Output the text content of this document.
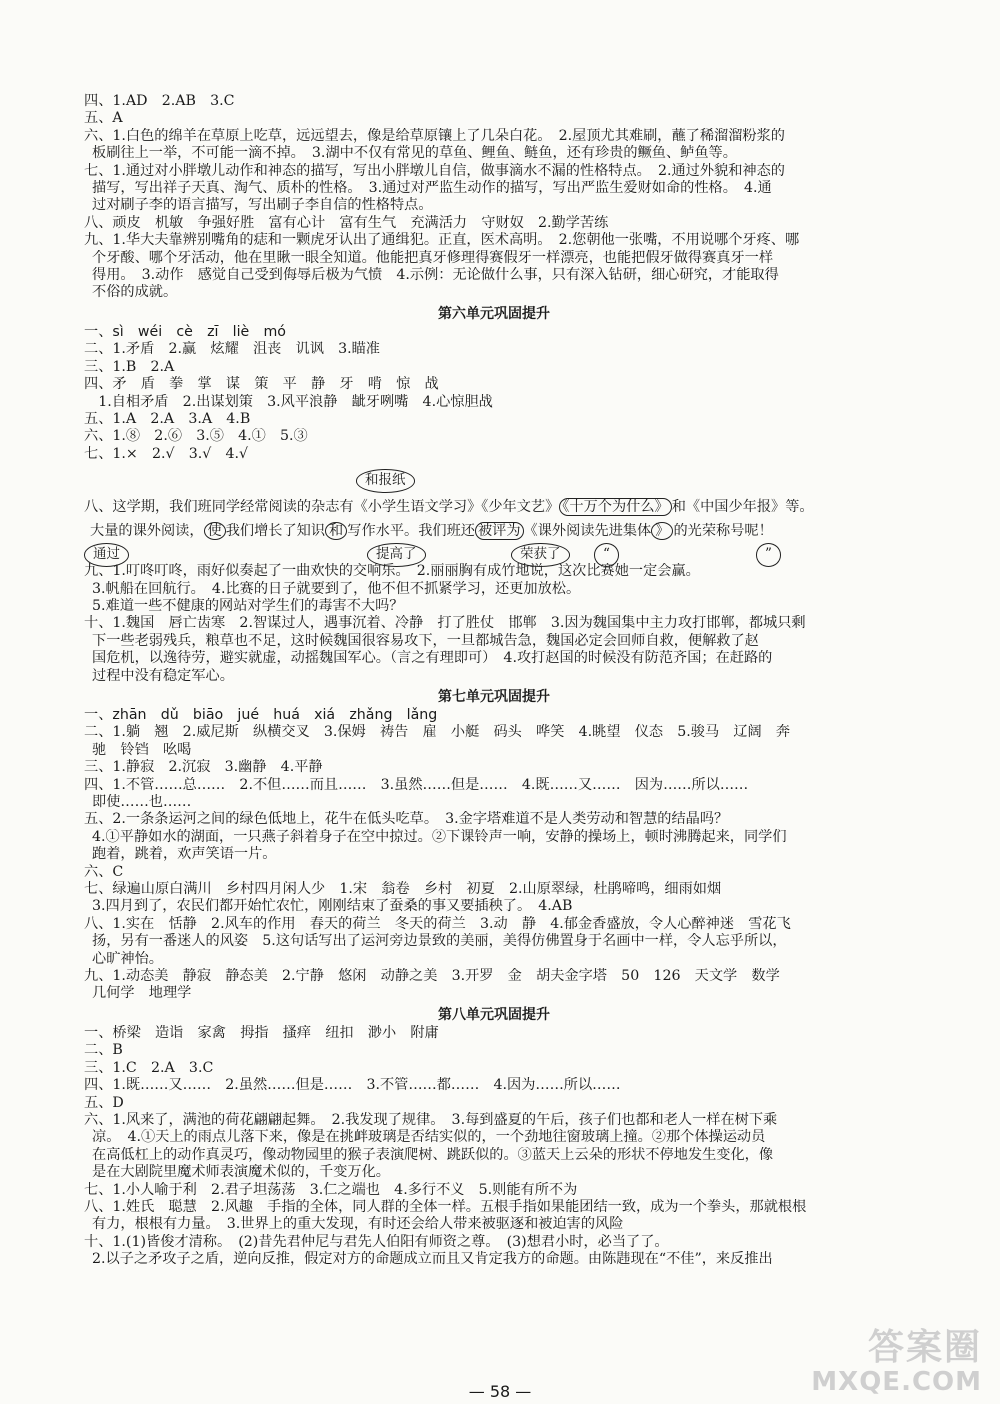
四、1.AD　2.AB　3.C
五、A
六、1.白色的绵羊在草原上吃草，远远望去，像是给草原镶上了几朵白花。　2.屋顶尤其难刷，蘸了稀溜溜粉浆的
板刷往上一举，不可能一滴不掉。　3.湖中不仅有常见的草鱼、鲤鱼、鲢鱼，还有珍贵的鳜鱼、鲈鱼等。
七、1.通过对小胖墩儿动作和神态的描写，写出小胖墩儿自信，做事滴水不漏的性格特点。　2.通过外貌和神态的
描写，写出祥子天真、淘气、质朴的性格。　3.通过对严监生动作的描写，写出严监生爱财如命的性格。　4.通
过对刷子李的语言描写，写出刷子李自信的性格特点。
八、顽皮　机敏　争强好胜　富有心计　富有生气　充满活力　守财奴　2.勤学苦练
九、1.华大夫靠辨别嘴角的痣和一颗虎牙认出了通缉犯。正直，医术高明。　2.您朝他一张嘴，不用说哪个牙疼、哪
个牙酸、哪个牙活动，他在里瞅一眼全知道。他能把真牙修理得赛假牙一样漂亮，也能把假牙做得赛真牙一样
得用。　3.动作　感觉自己受到侮辱后极为气愤　4.示例：无论做什么事，只有深入钻研，细心研究，才能取得
不俗的成就。
第六单元巩固提升
一、sì　wéi　cè　zī　liè　mó
二、1.矛盾　2.赢　炫耀　沮丧　讥讽　3.瞄准
三、1.B　2.A
四、矛　盾　拳　掌　谋　策　平　静　牙　啃　惊　战
　1.自相矛盾　2.出谋划策　3.风平浪静　龇牙咧嘴　4.心惊胆战
五、1.A　2.A　3.A　4.B
六、1.⑧　2.⑥　3.⑤　4.①　5.③
七、1.×　2.√　3.√　4.√
和报纸
八、这学期，我们班同学经常阅读的杂志有《小学生语文学习》《少年文艺》 《十万个为什么》 和《中国少年报》等。
大量的课外阅读， 使 我们增长了知识 和 写作水平。我们班还 被评为 《课外阅读先进集体 》 的光荣称号呢！
通过	提高了	荣获了	“	”
九、1.叮咚叮咚，雨好似奏起了一曲欢快的交响乐。　2.丽丽胸有成竹地说，这次比赛她一定会赢。
3.帆船在回航行。　4.比赛的日子就要到了，他不但不抓紧学习，还更加放松。
5.难道一些不健康的网站对学生们的毒害不大吗？
十、1.魏国　唇亡齿寒　2.智谋过人，遇事沉着、冷静　打了胜仗　邯郸　3.因为魏国集中主力攻打邯郸，都城只剩
下一些老弱残兵，粮草也不足，这时候魏国很容易攻下，一旦都城告急，魏国必定会回师自救，便解救了赵
国危机，以逸待劳，避实就虚，动摇魏国军心。（言之有理即可）　4.攻打赵国的时候没有防范齐国；在赶路的
过程中没有稳定军心。
第七单元巩固提升
一、zhān　dǔ　biāo　jué　huá　xiá　zhǎng　lǎng
二、1.躺　翘　2.威尼斯　纵横交叉　3.保姆　祷告　雇　小艇　码头　哗笑　4.眺望　仪态　5.骏马　辽阔　奔
驰　铃铛　吆喝
三、1.静寂　2.沉寂　3.幽静　4.平静
四、1.不管……总……　2.不但……而且……　3.虽然……但是……　4.既……又……　因为……所以……
即使……也……
五、2.一条条运河之间的绿色低地上，花牛在低头吃草。　3.金字塔难道不是人类劳动和智慧的结晶吗？
4.①平静如水的湖面，一只燕子斜着身子在空中掠过。②下课铃声一响，安静的操场上，顿时沸腾起来，同学们
跑着，跳着，欢声笑语一片。
六、C
七、绿遍山原白满川　乡村四月闲人少　1.宋　翁卷　乡村　初夏　2.山原翠绿，杜鹃啼鸣，细雨如烟
3.四月到了，农民们都开始忙农忙，刚刚结束了蚕桑的事又要插秧了。　4.AB
八、1.实在　恬静　2.风车的作用　春天的荷兰　冬天的荷兰　3.动　静　4.郁金香盛放，令人心醉神迷　雪花飞
扬，另有一番迷人的风姿　5.这句话写出了运河旁边景致的美丽，美得仿佛置身于名画中一样，令人忘乎所以，
心旷神怡。
九、1.动态美　静寂　静态美　2.宁静　悠闲　动静之美　3.开罗　金　胡夫金字塔　50　126　天文学　数学
几何学　地理学
第八单元巩固提升
一、桥梁　造诣　家禽　拇指　搔痒　纽扣　渺小　附庸
二、B
三、1.C　2.A　3.C
四、1.既……又……　2.虽然……但是……　3.不管……都……　4.因为……所以……
五、D
六、1.风来了，满池的荷花翩翩起舞。　2.我发现了规律。　3.每到盛夏的午后，孩子们也都和老人一样在树下乘
凉。　4.①天上的雨点儿落下来，像是在挑衅玻璃是否结实似的，一个劲地往窗玻璃上撞。②那个体操运动员
在高低杠上的动作真灵巧，像动物园里的猴子表演爬树、跳跃似的。③蓝天上云朵的形状不停地发生变化，像
是在大剧院里魔术师表演魔术似的，千变万化。
七、1.小人喻于利　2.君子坦荡荡　3.仁之端也　4.多行不义　5.则能有所不为
八、1.姓氏　聪慧　2.风趣　手指的全体，同人群的全体一样。五根手指如果能团结一致，成为一个拳头，那就根根
有力，根根有力量。　3.世界上的重大发现，有时还会给人带来被驱逐和被迫害的风险
十、1.(1)皆俊才清称。　(2)昔先君仲尼与君先人伯阳有师资之尊。　(3)想君小时，必当了了。
2.以子之矛攻子之盾，逆向反推，假定对方的命题成立而且又肯定我方的命题。由陈韪现在“不佳”，来反推出
— 58 —
答案圈
MXQE.COM
